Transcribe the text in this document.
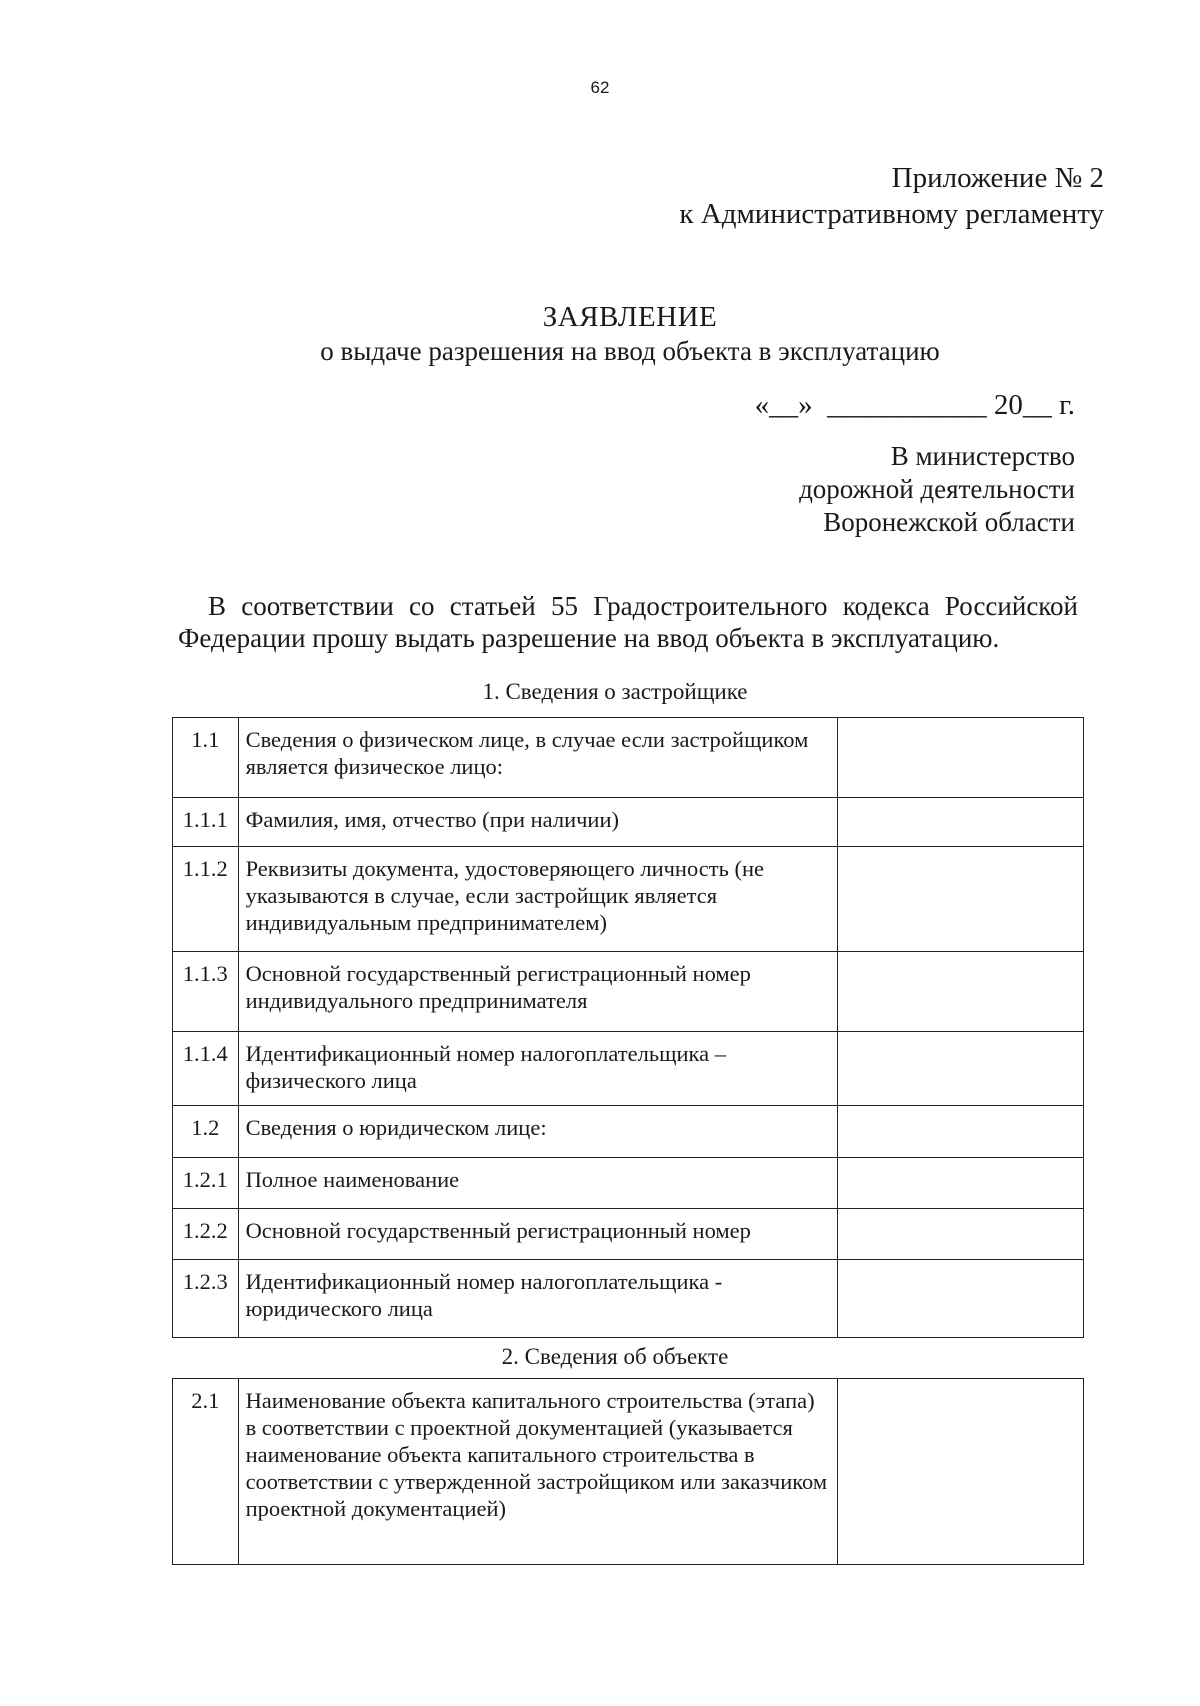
62
Приложение № 2
к Административному регламенту
ЗАЯВЛЕНИЕ
о выдаче разрешения на ввод объекта в эксплуатацию
«__»  ___________ 20__ г.
В министерство
дорожной деятельности
Воронежской области
В соответствии со статьей 55 Градостроительного кодекса Российской Федерации прошу выдать разрешение на ввод объекта в эксплуатацию.
1. Сведения о застройщике
1.1	Сведения о физическом лице, в случае если застройщиком является физическое лицо:	
1.1.1	Фамилия, имя, отчество (при наличии)	
1.1.2	Реквизиты документа, удостоверяющего личность (не указываются в случае, если застройщик является индивидуальным предпринимателем)	
1.1.3	Основной государственный регистрационный номер индивидуального предпринимателя	
1.1.4	Идентификационный номер налогоплательщика – физического лица	
1.2	Сведения о юридическом лице:	
1.2.1	Полное наименование	
1.2.2	Основной государственный регистрационный номер	
1.2.3	Идентификационный номер налогоплательщика - юридического лица	
2. Сведения об объекте
2.1	Наименование объекта капитального строительства (этапа) в соответствии с проектной документацией (указывается наименование объекта капитального строительства в соответствии с утвержденной застройщиком или заказчиком проектной документацией)	
